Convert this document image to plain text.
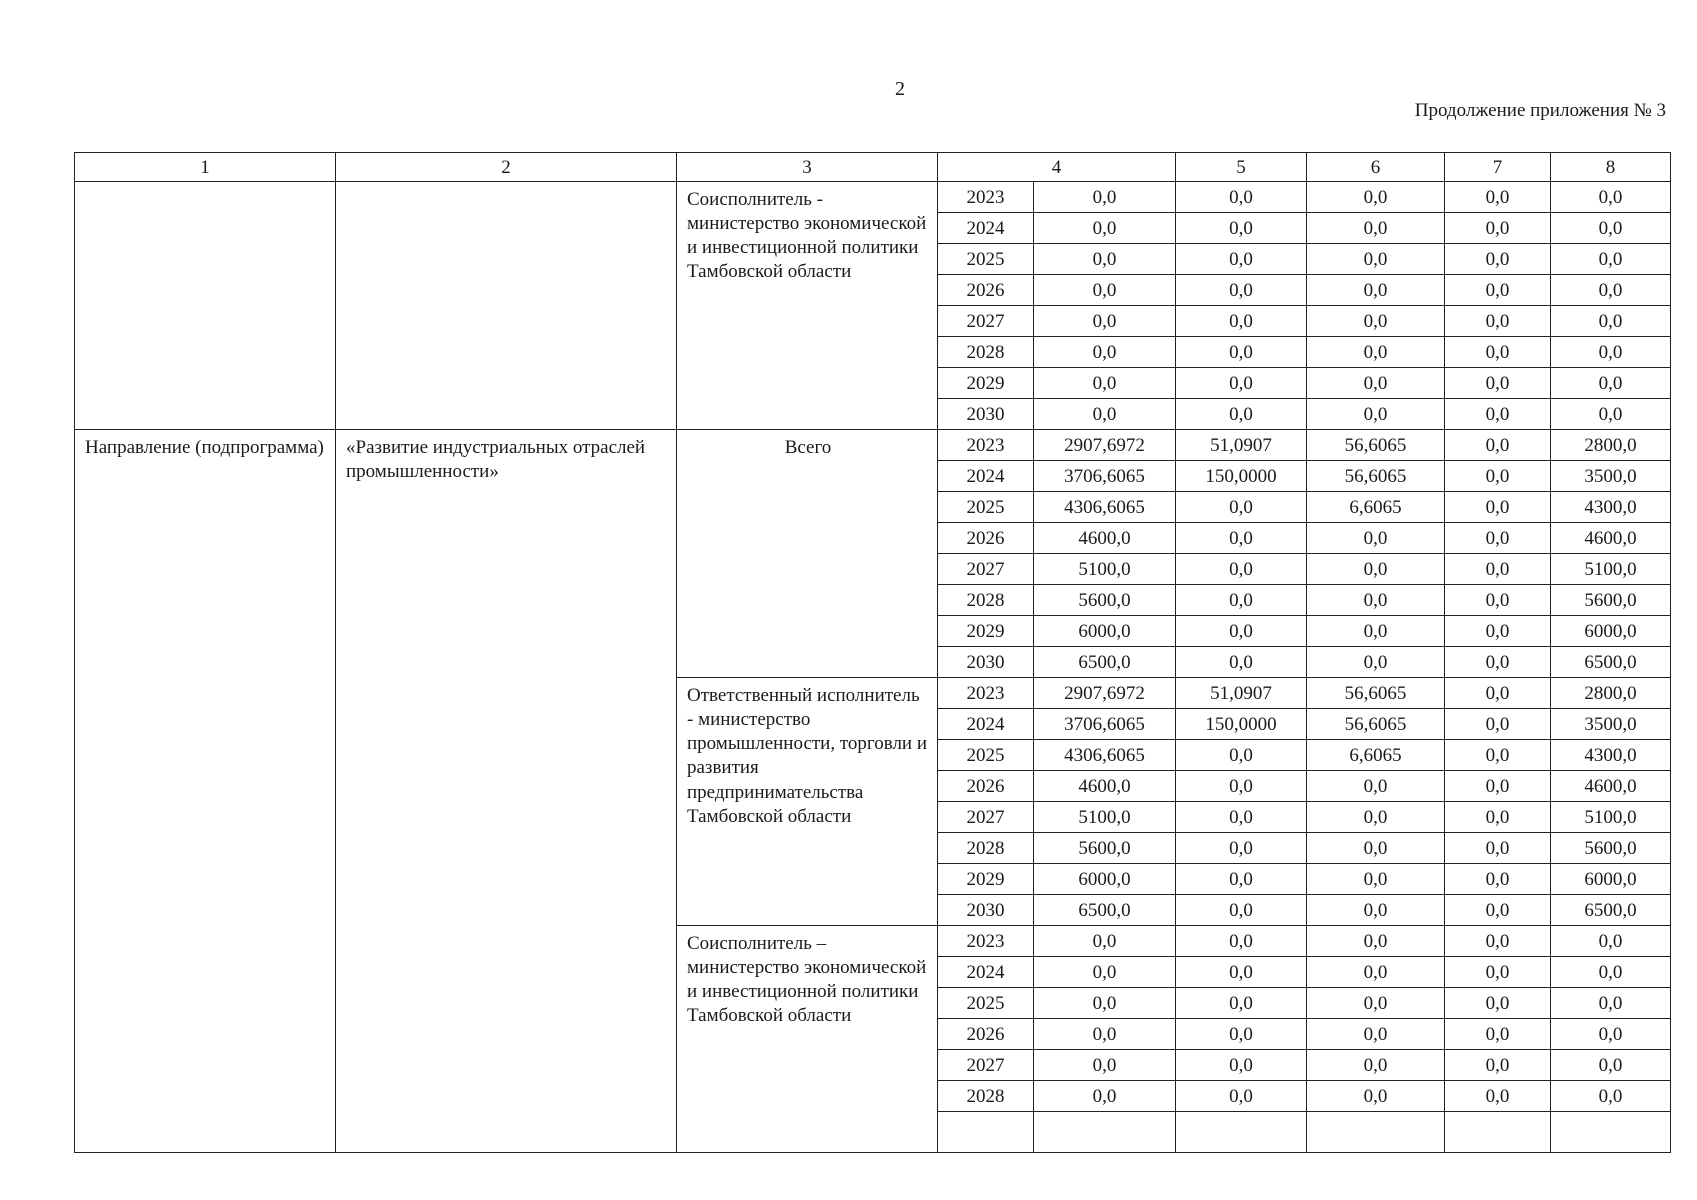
2
Продолжение приложения № 3
1	2	3	4		5	6	7	8
		Соисполнитель - министерство экономической и инвестиционной политики Тамбовской области	2023	0,0	0,0	0,0	0,0	0,0
			2024	0,0	0,0	0,0	0,0	0,0
			2025	0,0	0,0	0,0	0,0	0,0
			2026	0,0	0,0	0,0	0,0	0,0
			2027	0,0	0,0	0,0	0,0	0,0
			2028	0,0	0,0	0,0	0,0	0,0
			2029	0,0	0,0	0,0	0,0	0,0
			2030	0,0	0,0	0,0	0,0	0,0
Направление (подпрограмма)	«Развитие индустриальных отраслей промышленности»	Всего	2023	2907,6972	51,0907	56,6065	0,0	2800,0
			2024	3706,6065	150,0000	56,6065	0,0	3500,0
			2025	4306,6065	0,0	6,6065	0,0	4300,0
			2026	4600,0	0,0	0,0	0,0	4600,0
			2027	5100,0	0,0	0,0	0,0	5100,0
			2028	5600,0	0,0	0,0	0,0	5600,0
			2029	6000,0	0,0	0,0	0,0	6000,0
			2030	6500,0	0,0	0,0	0,0	6500,0
		Ответственный исполнитель - министерство промышленности, торговли и развития предпринимательства Тамбовской области	2023	2907,6972	51,0907	56,6065	0,0	2800,0
			2024	3706,6065	150,0000	56,6065	0,0	3500,0
			2025	4306,6065	0,0	6,6065	0,0	4300,0
			2026	4600,0	0,0	0,0	0,0	4600,0
			2027	5100,0	0,0	0,0	0,0	5100,0
			2028	5600,0	0,0	0,0	0,0	5600,0
			2029	6000,0	0,0	0,0	0,0	6000,0
			2030	6500,0	0,0	0,0	0,0	6500,0
		Соисполнитель – министерство экономической и инвестиционной политики Тамбовской области	2023	0,0	0,0	0,0	0,0	0,0
			2024	0,0	0,0	0,0	0,0	0,0
			2025	0,0	0,0	0,0	0,0	0,0
			2026	0,0	0,0	0,0	0,0	0,0
			2027	0,0	0,0	0,0	0,0	0,0
			2028	0,0	0,0	0,0	0,0	0,0
